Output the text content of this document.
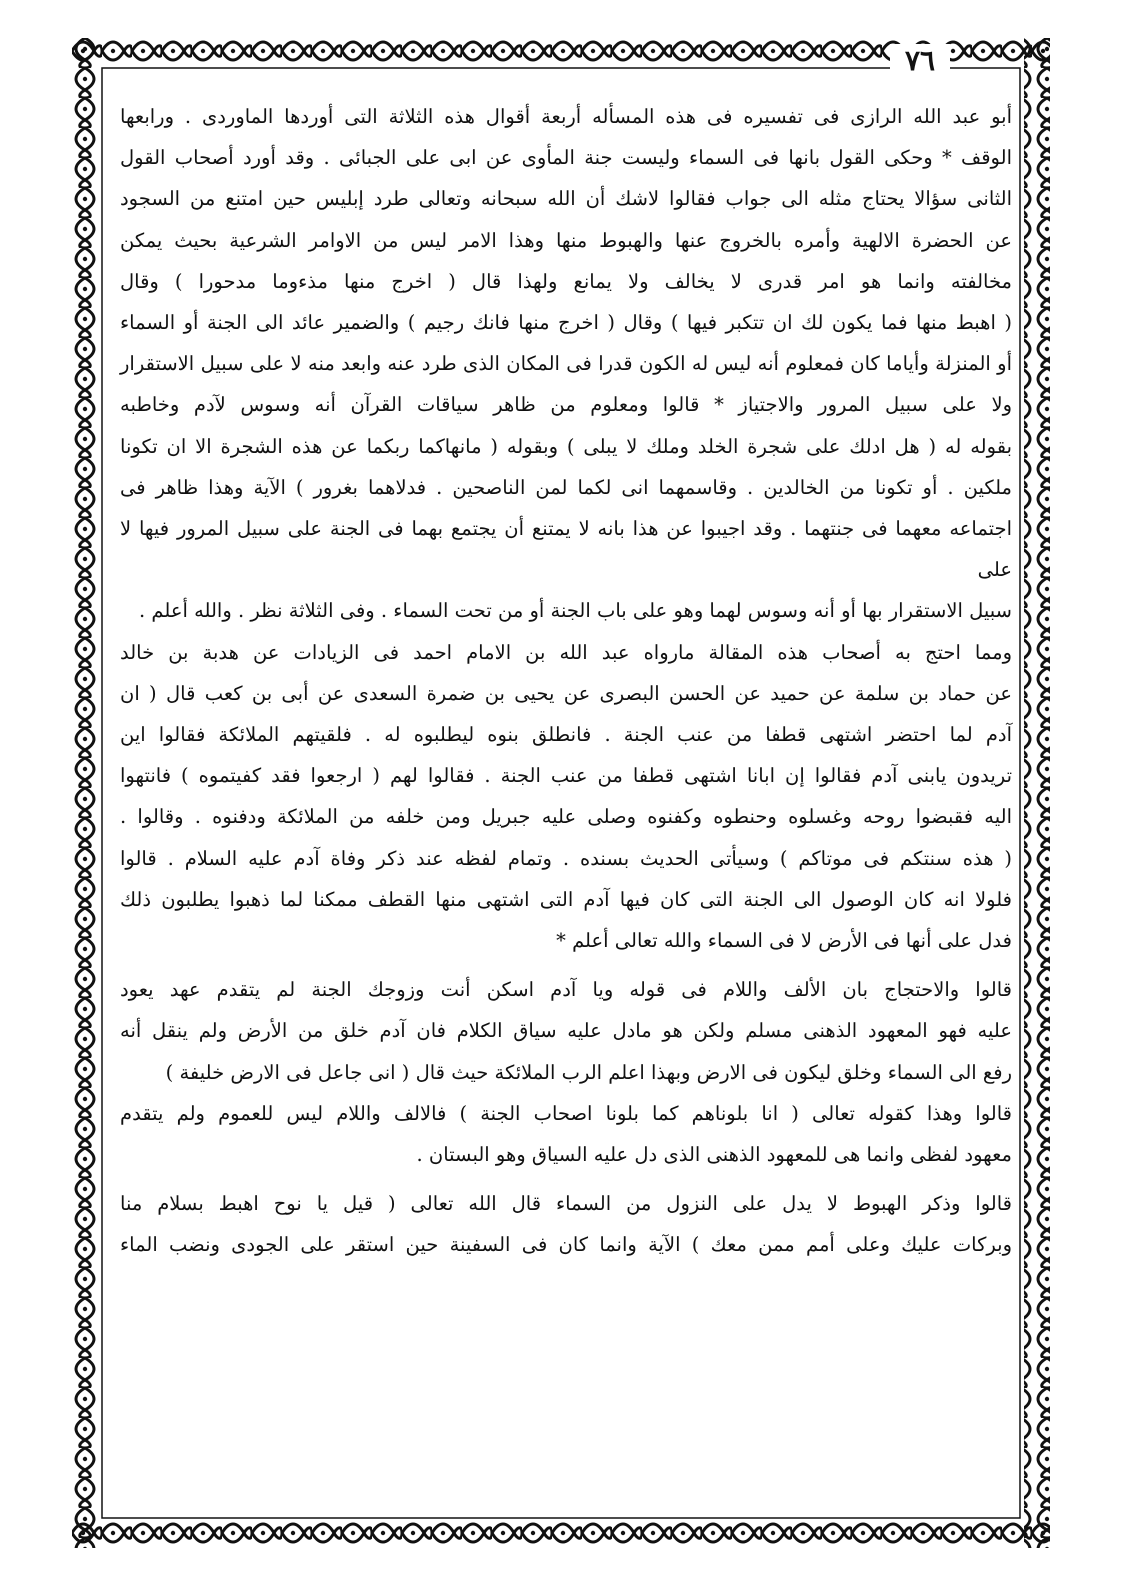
٧٦

أبو عبد الله الرازى فى تفسيره فى هذه المسأله أربعة أقوال هذه الثلاثة التى أوردها الماوردى . ورابعها

الوقف * وحكى القول بانها فى السماء وليست جنة المأوى عن ابى على الجبائى . وقد أورد أصحاب القول

الثانى سؤالا يحتاج مثله الى جواب فقالوا لاشك أن الله سبحانه وتعالى طرد إبليس حين امتنع من السجود

عن الحضرة الالهية وأمره بالخروج عنها والهبوط منها وهذا الامر ليس من الاوامر الشرعية بحيث يمكن

مخالفته وانما هو امر قدرى لا يخالف ولا يمانع ولهذا قال ( اخرج منها مذءوما مدحورا ) وقال

( اهبط منها فما يكون لك ان تتكبر فيها ) وقال ( اخرج منها فانك رجيم ) والضمير عائد الى الجنة أو السماء

أو المنزلة وأياما كان فمعلوم أنه ليس له الكون قدرا فى المكان الذى طرد عنه وابعد منه لا على سبيل الاستقرار

ولا على سبيل المرور والاجتياز * قالوا ومعلوم من ظاهر سياقات القرآن أنه وسوس لآدم وخاطبه

بقوله له ( هل ادلك على شجرة الخلد وملك لا يبلى ) وبقوله ( مانهاكما ربكما عن هذه الشجرة الا ان تكونا

ملكين . أو تكونا من الخالدين . وقاسمهما انى لكما لمن الناصحين . فدلاهما بغرور ) الآية وهذا ظاهر فى

اجتماعه معهما فى جنتهما . وقد اجيبوا عن هذا بانه لا يمتنع أن يجتمع بهما فى الجنة على سبيل المرور فيها لا على

سبيل الاستقرار بها أو أنه وسوس لهما وهو على باب الجنة أو من تحت السماء . وفى الثلاثة نظر . والله أعلم .

ومما احتج به أصحاب هذه المقالة مارواه عبد الله بن الامام احمد فى الزيادات عن هدبة بن خالد

عن حماد بن سلمة عن حميد عن الحسن البصرى عن يحيى بن ضمرة السعدى عن أبى بن كعب قال ( ان

آدم لما احتضر اشتهى قطفا من عنب الجنة . فانطلق بنوه ليطلبوه له . فلقيتهم الملائكة فقالوا اين

تريدون يابنى آدم فقالوا إن ابانا اشتهى قطفا من عنب الجنة . فقالوا لهم ( ارجعوا فقد كفيتموه ) فانتهوا

اليه فقبضوا روحه وغسلوه وحنطوه وكفنوه وصلى عليه جبريل ومن خلفه من الملائكة ودفنوه . وقالوا .

( هذه سنتكم فى موتاكم ) وسيأتى الحديث بسنده . وتمام لفظه عند ذكر وفاة آدم عليه السلام . قالوا

فلولا انه كان الوصول الى الجنة التى كان فيها آدم التى اشتهى منها القطف ممكنا لما ذهبوا يطلبون ذلك

فدل على أنها فى الأرض لا فى السماء والله تعالى أعلم *

قالوا والاحتجاج بان الألف واللام فى قوله ويا آدم اسكن أنت وزوجك الجنة لم يتقدم عهد يعود

عليه فهو المعهود الذهنى مسلم ولكن هو مادل عليه سياق الكلام فان آدم خلق من الأرض ولم ينقل أنه

رفع الى السماء وخلق ليكون فى الارض وبهذا اعلم الرب الملائكة حيث قال ( انى جاعل فى الارض خليفة )

قالوا وهذا كقوله تعالى ( انا بلوناهم كما بلونا اصحاب الجنة ) فالالف واللام ليس للعموم ولم يتقدم

معهود لفظى وانما هى للمعهود الذهنى الذى دل عليه السياق وهو البستان .

قالوا وذكر الهبوط لا يدل على النزول من السماء قال الله تعالى ( قيل يا نوح اهبط بسلام منا

وبركات عليك وعلى أمم ممن معك ) الآية وانما كان فى السفينة حين استقر على الجودى ونضب الماء
